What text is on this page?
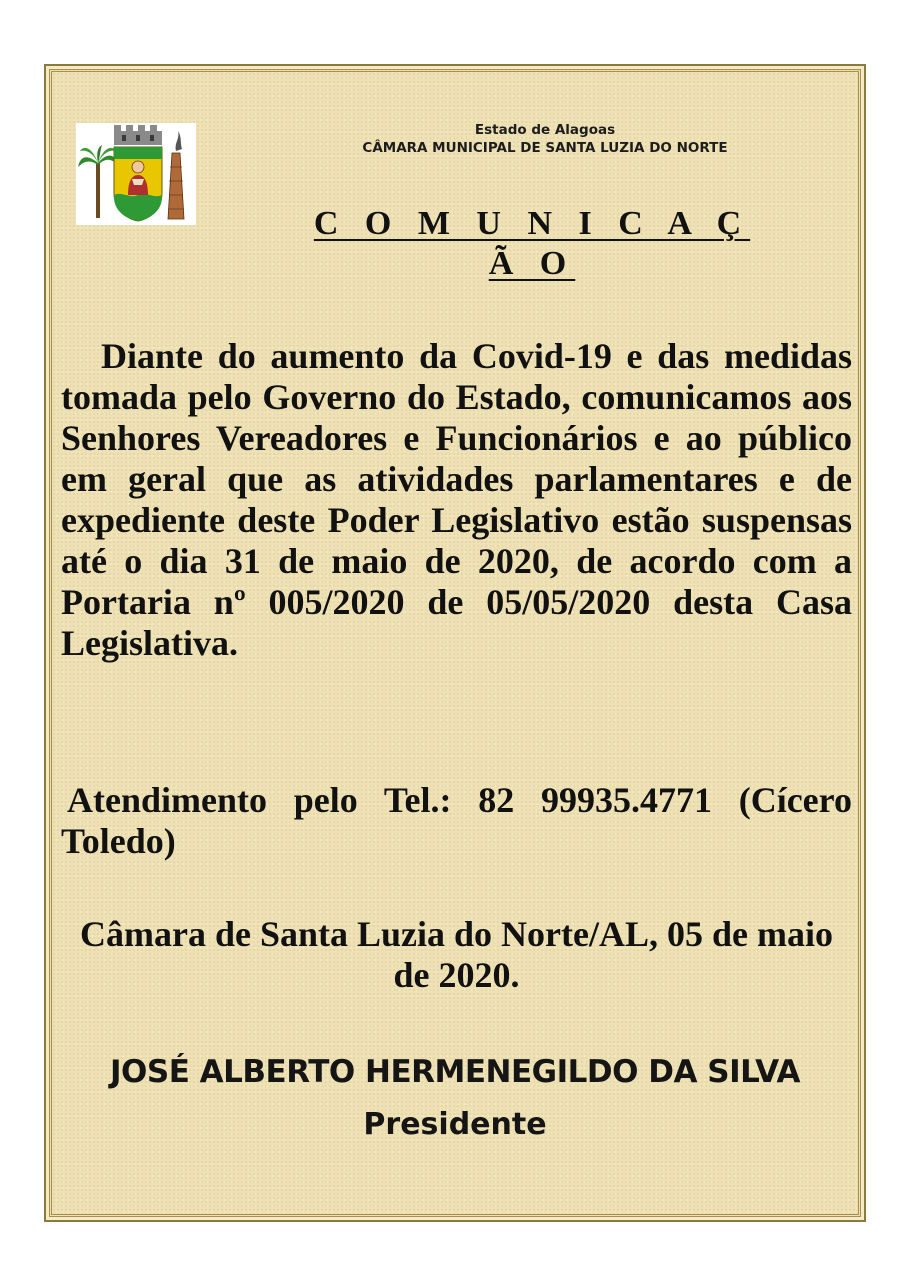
Estado de Alagoas
CÂMARA MUNICIPAL DE SANTA LUZIA DO NORTE
C O M U N I C A Ç Ã O

Diante do aumento da Covid-19 e das medidas tomada pelo Governo do Estado, comunicamos aos Senhores Vereadores e Funcionários e ao público em geral que as atividades parlamentares e de expediente deste Poder Legislativo estão suspensas até o dia 31 de maio de 2020, de acordo com a Portaria nº 005/2020 de 05/05/2020 desta Casa Legislativa.

Atendimento pelo Tel.: 82 99935.4771 (Cícero Toledo)

Câmara de Santa Luzia do Norte/AL, 05 de maio de 2020.

JOSÉ ALBERTO HERMENEGILDO DA SILVA
Presidente
